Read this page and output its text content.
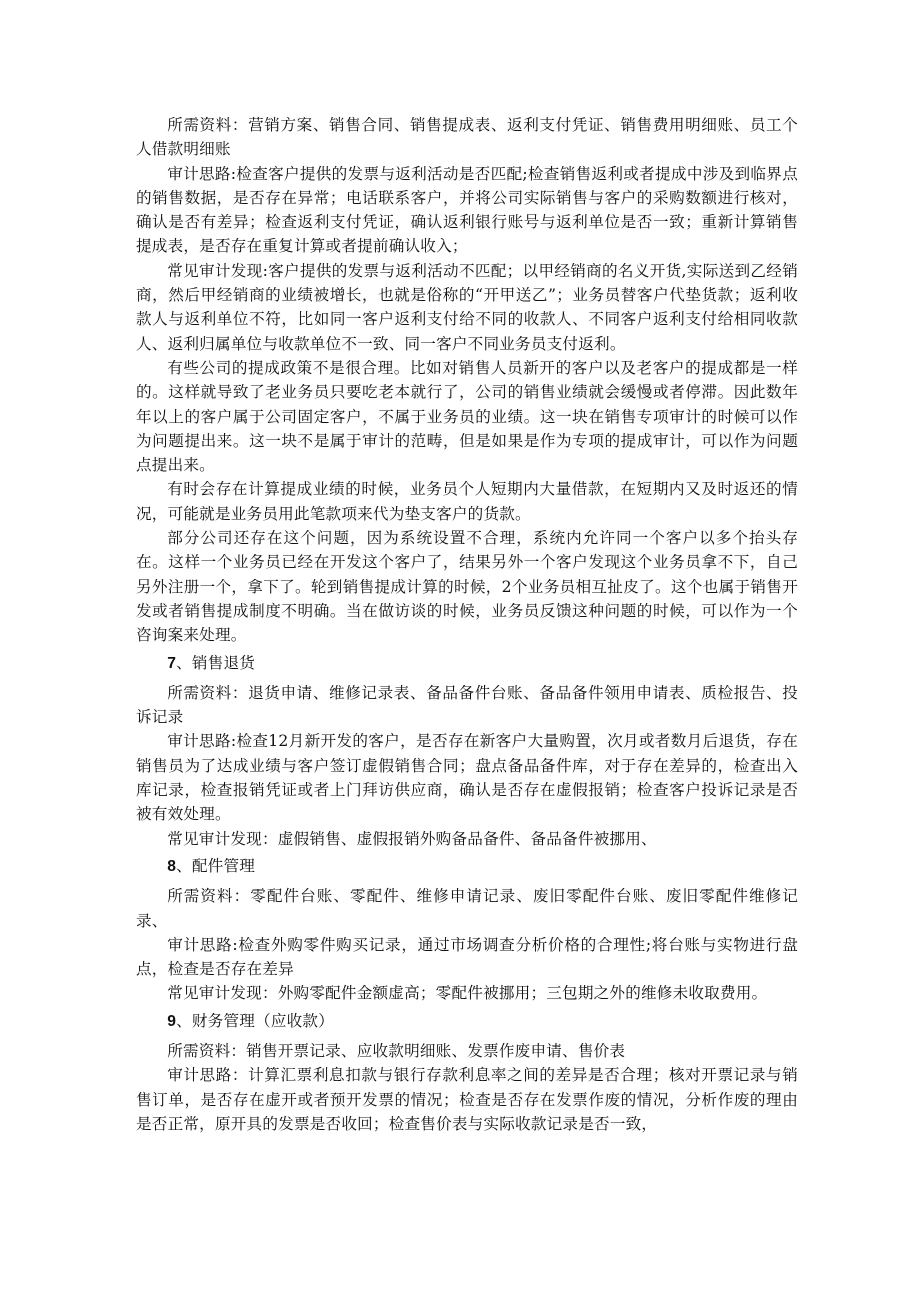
所需资料：营销方案、销售合同、销售提成表、返利支付凭证、销售费用明细账、员工个人借款明细账

审计思路:检查客户提供的发票与返利活动是否匹配;检查销售返利或者提成中涉及到临界点的销售数据，是否存在异常；电话联系客户，并将公司实际销售与客户的采购数额进行核对，确认是否有差异；检查返利支付凭证，确认返利银行账号与返利单位是否一致；重新计算销售提成表，是否存在重复计算或者提前确认收入；

常见审计发现:客户提供的发票与返利活动不匹配；以甲经销商的名义开货,实际送到乙经销商，然后甲经销商的业绩被增长，也就是俗称的“开甲送乙”；业务员替客户代垫货款；返利收款人与返利单位不符，比如同一客户返利支付给不同的收款人、不同客户返利支付给相同收款人、返利归属单位与收款单位不一致、同一客户不同业务员支付返利。

有些公司的提成政策不是很合理。比如对销售人员新开的客户以及老客户的提成都是一样的。这样就导致了老业务员只要吃老本就行了，公司的销售业绩就会缓慢或者停滞。因此数年年以上的客户属于公司固定客户，不属于业务员的业绩。这一块在销售专项审计的时候可以作为问题提出来。这一块不是属于审计的范畴，但是如果是作为专项的提成审计，可以作为问题点提出来。

有时会存在计算提成业绩的时候，业务员个人短期内大量借款，在短期内又及时返还的情况，可能就是业务员用此笔款项来代为垫支客户的货款。

部分公司还存在这个问题，因为系统设置不合理，系统内允许同一个客户以多个抬头存在。这样一个业务员已经在开发这个客户了，结果另外一个客户发现这个业务员拿不下，自己另外注册一个，拿下了。轮到销售提成计算的时候，2个业务员相互扯皮了。这个也属于销售开发或者销售提成制度不明确。当在做访谈的时候，业务员反馈这种问题的时候，可以作为一个咨询案来处理。

7、销售退货

所需资料：退货申请、维修记录表、备品备件台账、备品备件领用申请表、质检报告、投诉记录

审计思路:检查12月新开发的客户，是否存在新客户大量购置，次月或者数月后退货，存在销售员为了达成业绩与客户签订虚假销售合同；盘点备品备件库，对于存在差异的，检查出入库记录，检查报销凭证或者上门拜访供应商，确认是否存在虚假报销；检查客户投诉记录是否被有效处理。

常见审计发现：虚假销售、虚假报销外购备品备件、备品备件被挪用、

8、配件管理

所需资料：零配件台账、零配件、维修申请记录、废旧零配件台账、废旧零配件维修记录、

审计思路:检查外购零件购买记录，通过市场调查分析价格的合理性;将台账与实物进行盘点，检查是否存在差异

常见审计发现：外购零配件金额虚高；零配件被挪用；三包期之外的维修未收取费用。

9、财务管理（应收款）

所需资料：销售开票记录、应收款明细账、发票作废申请、售价表

审计思路：计算汇票利息扣款与银行存款利息率之间的差异是否合理；核对开票记录与销售订单，是否存在虚开或者预开发票的情况；检查是否存在发票作废的情况，分析作废的理由是否正常，原开具的发票是否收回；检查售价表与实际收款记录是否一致，
